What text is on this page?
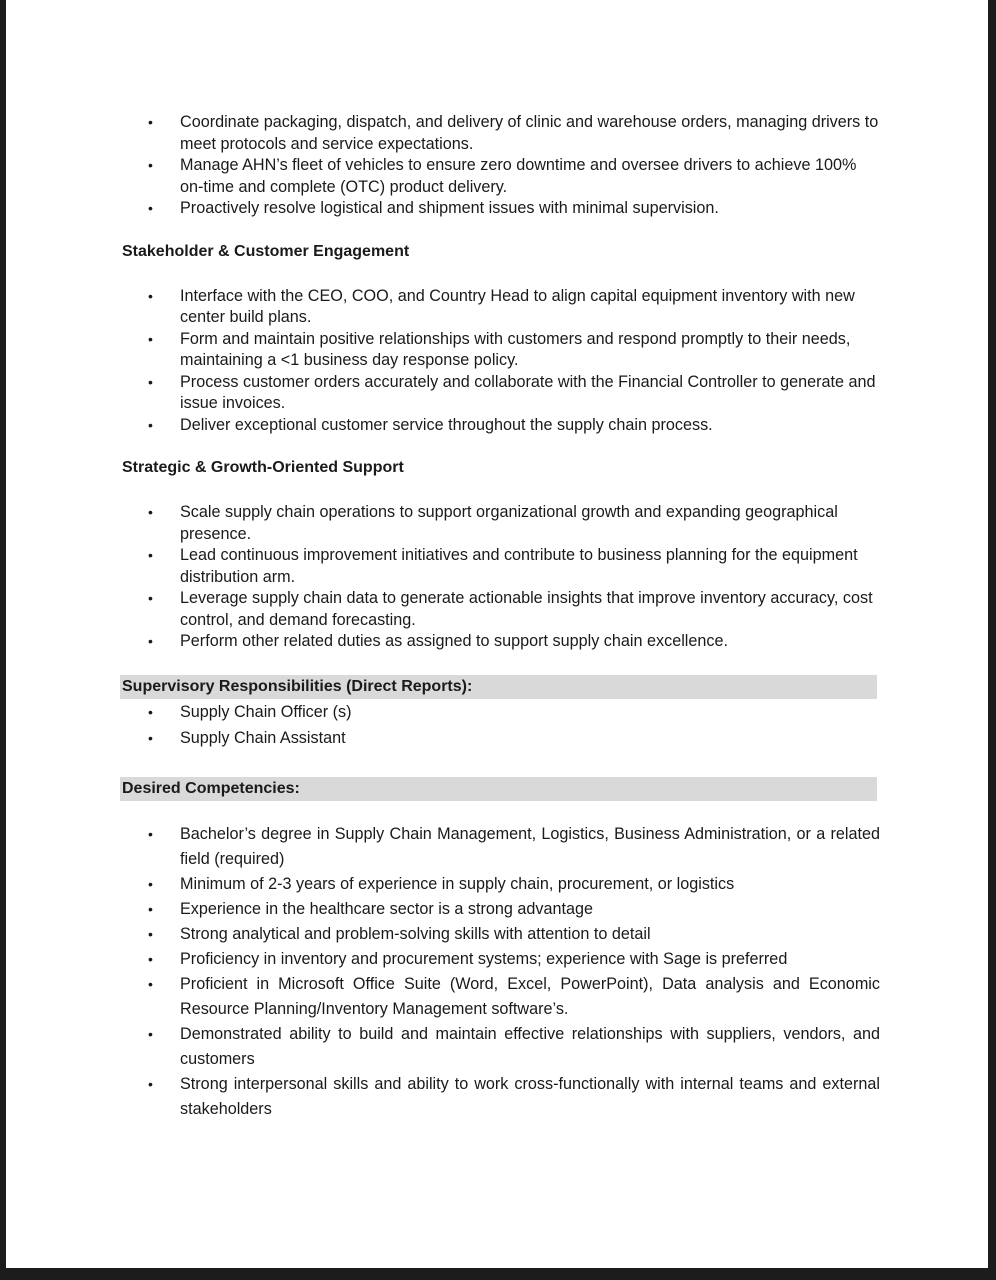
• Coordinate packaging, dispatch, and delivery of clinic and warehouse orders, managing drivers to meet protocols and service expectations.
• Manage AHN’s fleet of vehicles to ensure zero downtime and oversee drivers to achieve 100% on-time and complete (OTC) product delivery.
• Proactively resolve logistical and shipment issues with minimal supervision.
Stakeholder & Customer Engagement
• Interface with the CEO, COO, and Country Head to align capital equipment inventory with new center build plans.
• Form and maintain positive relationships with customers and respond promptly to their needs, maintaining a <1 business day response policy.
• Process customer orders accurately and collaborate with the Financial Controller to generate and issue invoices.
• Deliver exceptional customer service throughout the supply chain process.
Strategic & Growth-Oriented Support
• Scale supply chain operations to support organizational growth and expanding geographical presence.
• Lead continuous improvement initiatives and contribute to business planning for the equipment distribution arm.
• Leverage supply chain data to generate actionable insights that improve inventory accuracy, cost control, and demand forecasting.
• Perform other related duties as assigned to support supply chain excellence.
Supervisory Responsibilities (Direct Reports):
• Supply Chain Officer (s)
• Supply Chain Assistant
Desired Competencies:
• Bachelor’s degree in Supply Chain Management, Logistics, Business Administration, or a related field (required)
• Minimum of 2-3 years of experience in supply chain, procurement, or logistics
• Experience in the healthcare sector is a strong advantage
• Strong analytical and problem-solving skills with attention to detail
• Proficiency in inventory and procurement systems; experience with Sage is preferred
• Proficient in Microsoft Office Suite (Word, Excel, PowerPoint), Data analysis and Economic Resource Planning/Inventory Management software’s.
• Demonstrated ability to build and maintain effective relationships with suppliers, vendors, and customers
• Strong interpersonal skills and ability to work cross-functionally with internal teams and external stakeholders
